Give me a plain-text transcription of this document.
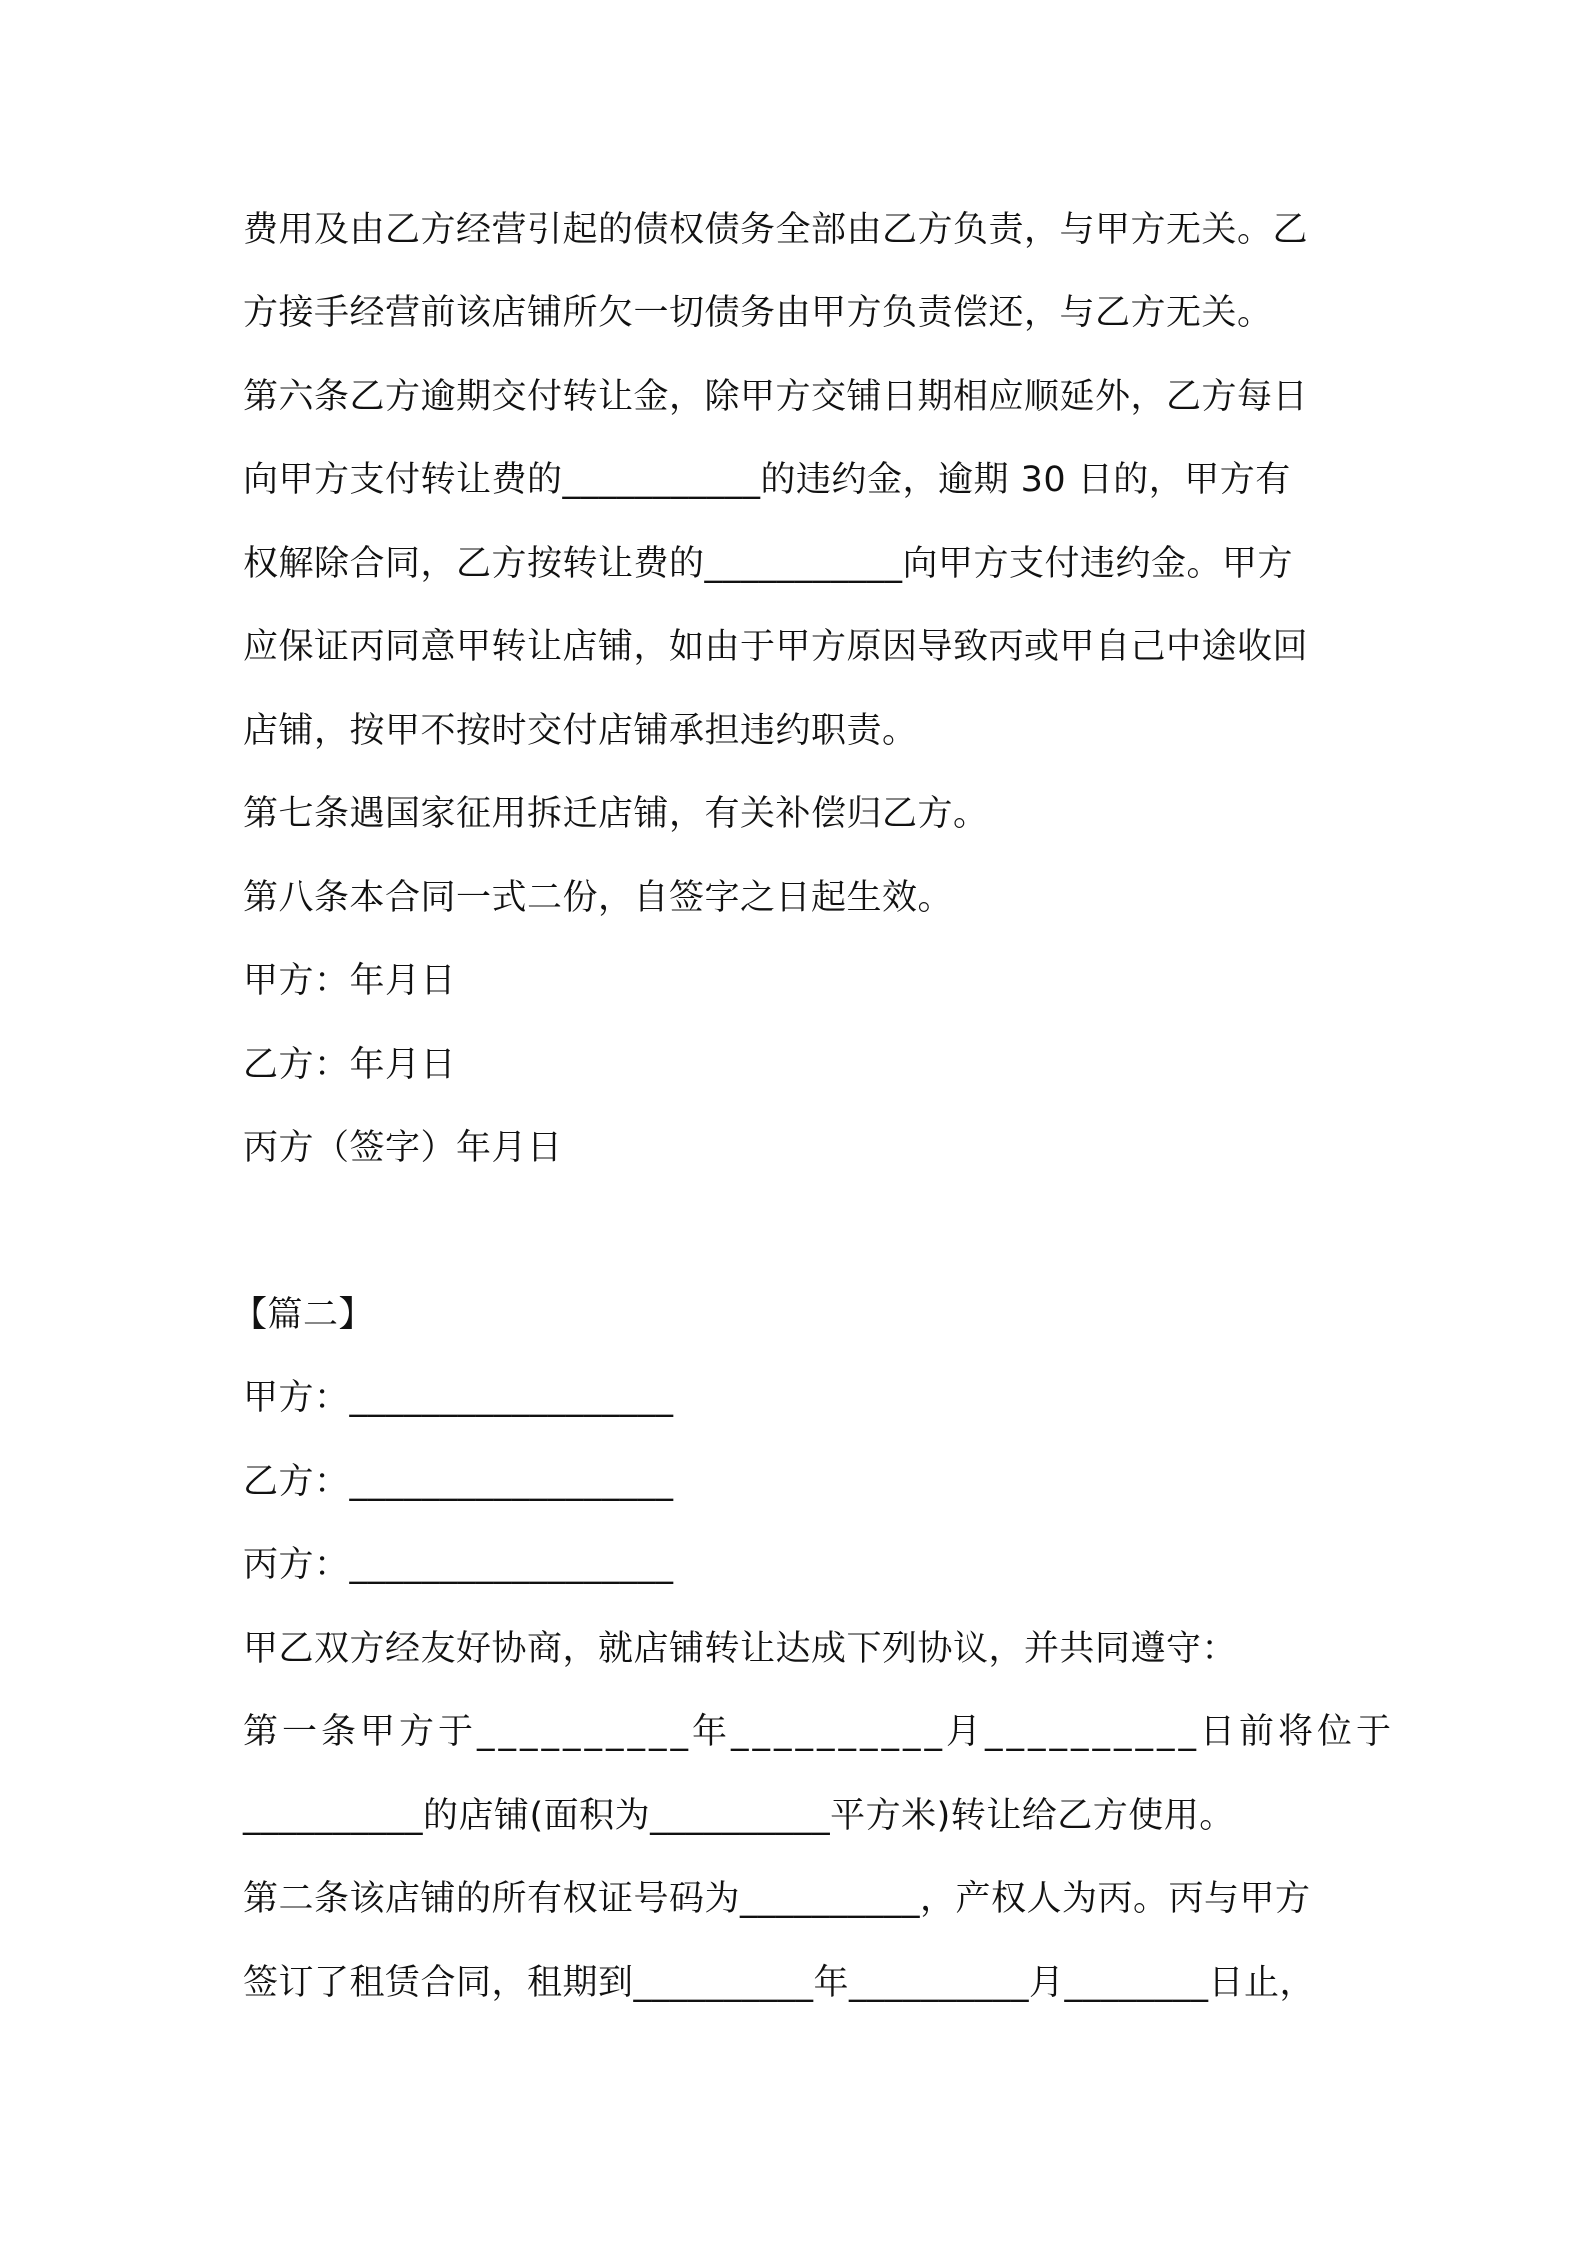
费用及由乙方经营引起的债权债务全部由乙方负责，与甲方无关。乙
方接手经营前该店铺所欠一切债务由甲方负责偿还，与乙方无关。
第六条乙方逾期交付转让金，除甲方交铺日期相应顺延外，乙方每日
向甲方支付转让费的___________的违约金，逾期 30 日的，甲方有
权解除合同，乙方按转让费的___________向甲方支付违约金。甲方
应保证丙同意甲转让店铺，如由于甲方原因导致丙或甲自己中途收回
店铺，按甲不按时交付店铺承担违约职责。
第七条遇国家征用拆迁店铺，有关补偿归乙方。
第八条本合同一式二份，自签字之日起生效。
甲方：年月日
乙方：年月日
丙方（签字）年月日
【篇二】
甲方：__________________
乙方：__________________
丙方：__________________
甲乙双方经友好协商，就店铺转让达成下列协议，并共同遵守：
第一条甲方于__________年__________月__________日前将位于
__________的店铺(面积为__________平方米)转让给乙方使用。
第二条该店铺的所有权证号码为__________，产权人为丙。丙与甲方
签订了租赁合同，租期到__________年__________月________日止，
